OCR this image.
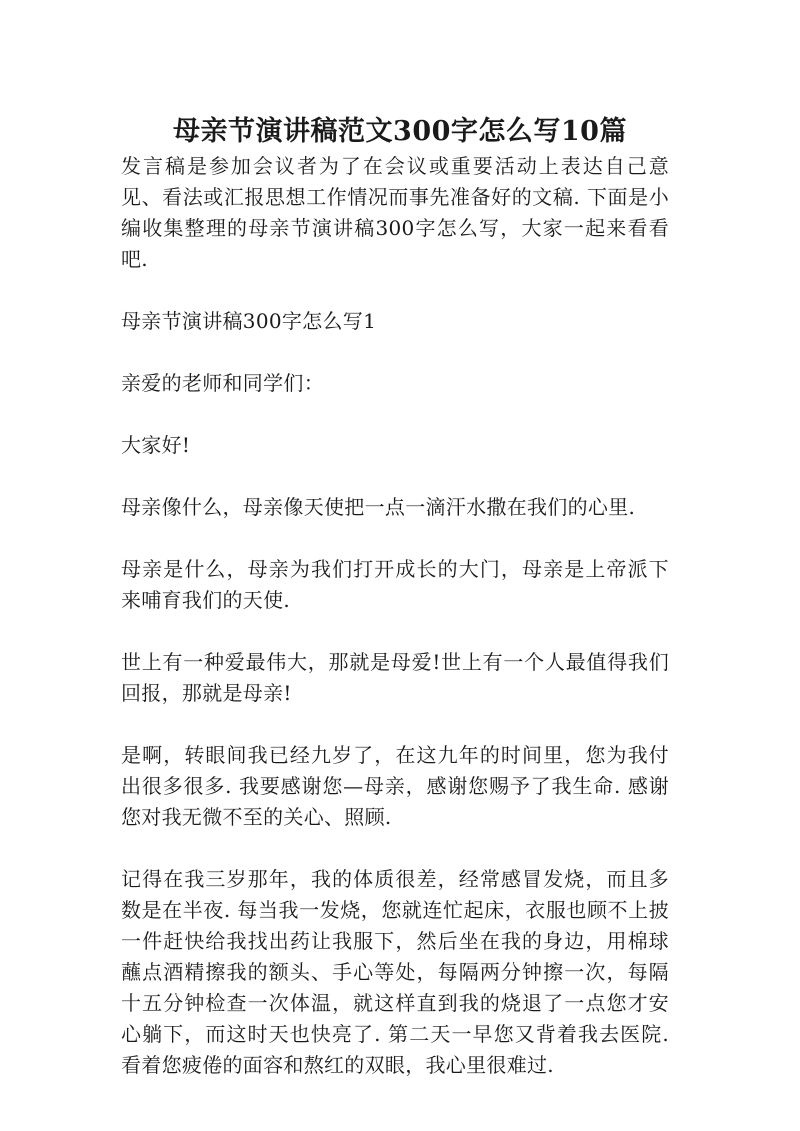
母亲节演讲稿范文300字怎么写10篇

发言稿是参加会议者为了在会议或重要活动上表达自己意见、看法或汇报思想工作情况而事先准备好的文稿. 下面是小编收集整理的母亲节演讲稿300字怎么写，大家一起来看看吧.

母亲节演讲稿300字怎么写1

亲爱的老师和同学们：

大家好!

母亲像什么，母亲像天使把一点一滴汗水撒在我们的心里.

母亲是什么，母亲为我们打开成长的大门，母亲是上帝派下来哺育我们的天使.

世上有一种爱最伟大，那就是母爱!世上有一个人最值得我们回报，那就是母亲!

是啊，转眼间我已经九岁了，在这九年的时间里，您为我付出很多很多. 我要感谢您—母亲，感谢您赐予了我生命. 感谢您对我无微不至的关心、照顾.

记得在我三岁那年，我的体质很差，经常感冒发烧，而且多数是在半夜. 每当我一发烧，您就连忙起床，衣服也顾不上披一件赶快给我找出药让我服下，然后坐在我的身边，用棉球蘸点酒精擦我的额头、手心等处，每隔两分钟擦一次，每隔十五分钟检查一次体温，就这样直到我的烧退了一点您才安心躺下，而这时天也快亮了. 第二天一早您又背着我去医院. 看着您疲倦的面容和熬红的双眼，我心里很难过.
